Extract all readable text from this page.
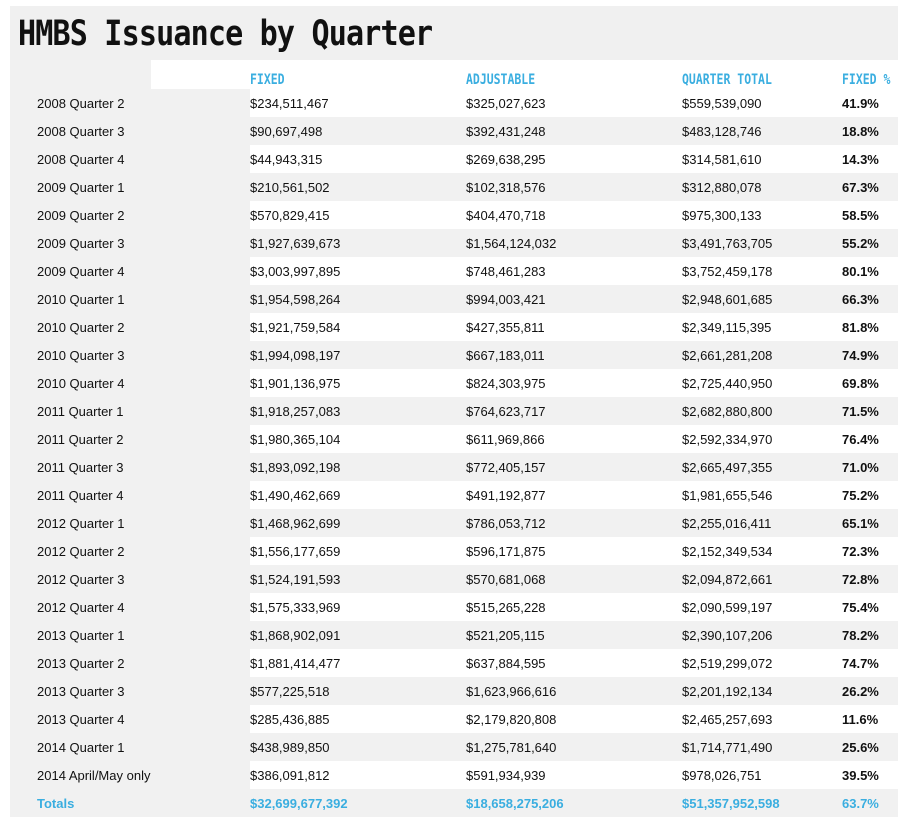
HMBS Issuance by Quarter
	FIXED	ADJUSTABLE	QUARTER TOTAL	FIXED %
2008 Quarter 2	$234,511,467	$325,027,623	$559,539,090	41.9%
2008 Quarter 3	$90,697,498	$392,431,248	$483,128,746	18.8%
2008 Quarter 4	$44,943,315	$269,638,295	$314,581,610	14.3%
2009 Quarter 1	$210,561,502	$102,318,576	$312,880,078	67.3%
2009 Quarter 2	$570,829,415	$404,470,718	$975,300,133	58.5%
2009 Quarter 3	$1,927,639,673	$1,564,124,032	$3,491,763,705	55.2%
2009 Quarter 4	$3,003,997,895	$748,461,283	$3,752,459,178	80.1%
2010 Quarter 1	$1,954,598,264	$994,003,421	$2,948,601,685	66.3%
2010 Quarter 2	$1,921,759,584	$427,355,811	$2,349,115,395	81.8%
2010 Quarter 3	$1,994,098,197	$667,183,011	$2,661,281,208	74.9%
2010 Quarter 4	$1,901,136,975	$824,303,975	$2,725,440,950	69.8%
2011 Quarter 1	$1,918,257,083	$764,623,717	$2,682,880,800	71.5%
2011 Quarter 2	$1,980,365,104	$611,969,866	$2,592,334,970	76.4%
2011 Quarter 3	$1,893,092,198	$772,405,157	$2,665,497,355	71.0%
2011 Quarter 4	$1,490,462,669	$491,192,877	$1,981,655,546	75.2%
2012 Quarter 1	$1,468,962,699	$786,053,712	$2,255,016,411	65.1%
2012 Quarter 2	$1,556,177,659	$596,171,875	$2,152,349,534	72.3%
2012 Quarter 3	$1,524,191,593	$570,681,068	$2,094,872,661	72.8%
2012 Quarter 4	$1,575,333,969	$515,265,228	$2,090,599,197	75.4%
2013 Quarter 1	$1,868,902,091	$521,205,115	$2,390,107,206	78.2%
2013 Quarter 2	$1,881,414,477	$637,884,595	$2,519,299,072	74.7%
2013 Quarter 3	$577,225,518	$1,623,966,616	$2,201,192,134	26.2%
2013 Quarter 4	$285,436,885	$2,179,820,808	$2,465,257,693	11.6%
2014 Quarter 1	$438,989,850	$1,275,781,640	$1,714,771,490	25.6%
2014 April/May only	$386,091,812	$591,934,939	$978,026,751	39.5%
Totals	$32,699,677,392	$18,658,275,206	$51,357,952,598	63.7%
